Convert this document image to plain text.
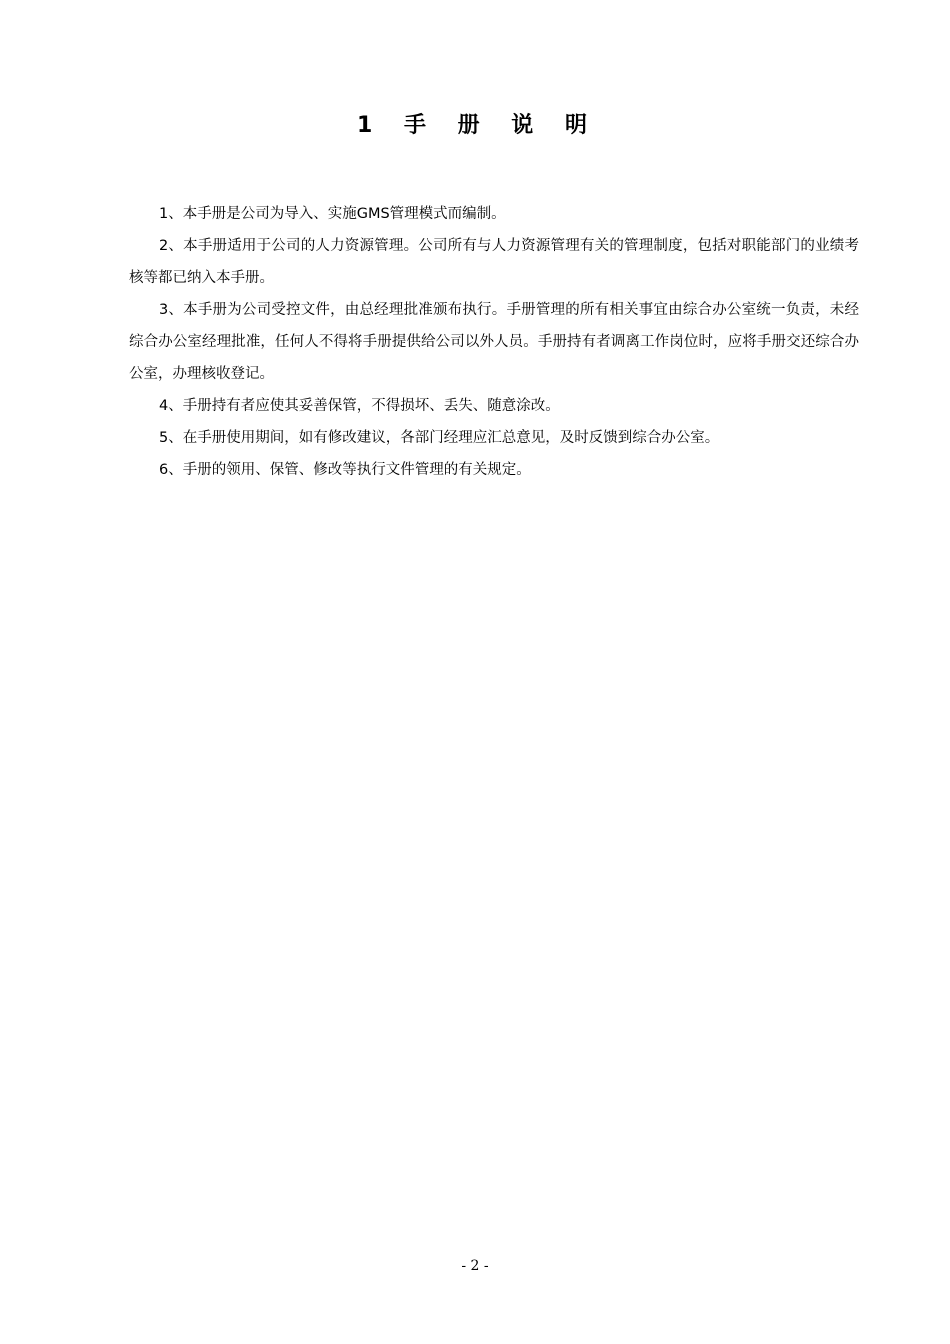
1 手 册 说 明

1、本手册是公司为导入、实施GMS管理模式而编制。

2、本手册适用于公司的人力资源管理。公司所有与人力资源管理有关的管理制度，包括对职能部门的业绩考核等都已纳入本手册。

3、本手册为公司受控文件，由总经理批准颁布执行。手册管理的所有相关事宜由综合办公室统一负责，未经综合办公室经理批准，任何人不得将手册提供给公司以外人员。手册持有者调离工作岗位时，应将手册交还综合办公室，办理核收登记。

4、手册持有者应使其妥善保管，不得损坏、丢失、随意涂改。

5、在手册使用期间，如有修改建议，各部门经理应汇总意见，及时反馈到综合办公室。

6、手册的领用、保管、修改等执行文件管理的有关规定。

- 2 -
